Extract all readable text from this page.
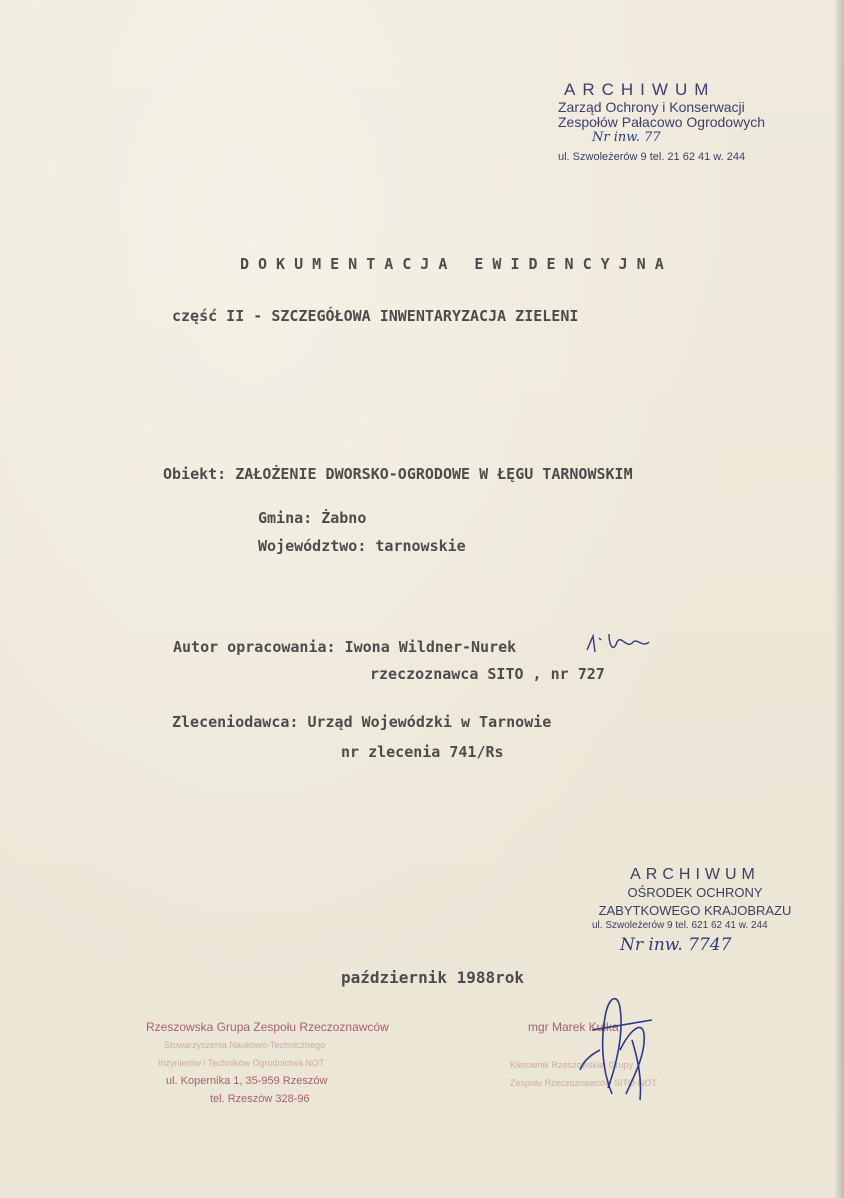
ARCHIWUM
Zarząd Ochrony i Konserwacji
Zespołów Pałacowo Ogrodowych
Nr inw. 77
ul. Szwoleżerów 9 tel. 21 62 41 w. 244
DOKUMENTACJA EWIDENCYJNA
część II - SZCZEGÓŁOWA INWENTARYZACJA ZIELENI
Obiekt: ZAŁOŻENIE DWORSKO-OGRODOWE W ŁĘGU TARNOWSKIM
Gmina: Żabno
Województwo: tarnowskie
Autor opracowania: Iwona Wildner-Nurek
rzeczoznawca SITO , nr 727
Zleceniodawca: Urząd Wojewódzki w Tarnowie
nr zlecenia 741/Rs
ARCHIWUM
OŚRODEK OCHRONY
ZABYTKOWEGO KRAJOBRAZU
ul. Szwoleżerów 9 tel. 621 62 41 w. 244
Nr inw. 7747
październik 1988rok
Rzeszowska Grupa Zespołu Rzeczoznawców
Stowarzyszenia Naukowo-Technicznego
Inżynierów i Techników Ogrodnictwa NOT
ul. Kopernika 1, 35-959 Rzeszów
tel. Rzeszów 328-96
mgr Marek Kulka
Kierownik Rzeszowskiej Grupy
Zespołu Rzeczoznawców SITO-NOT
